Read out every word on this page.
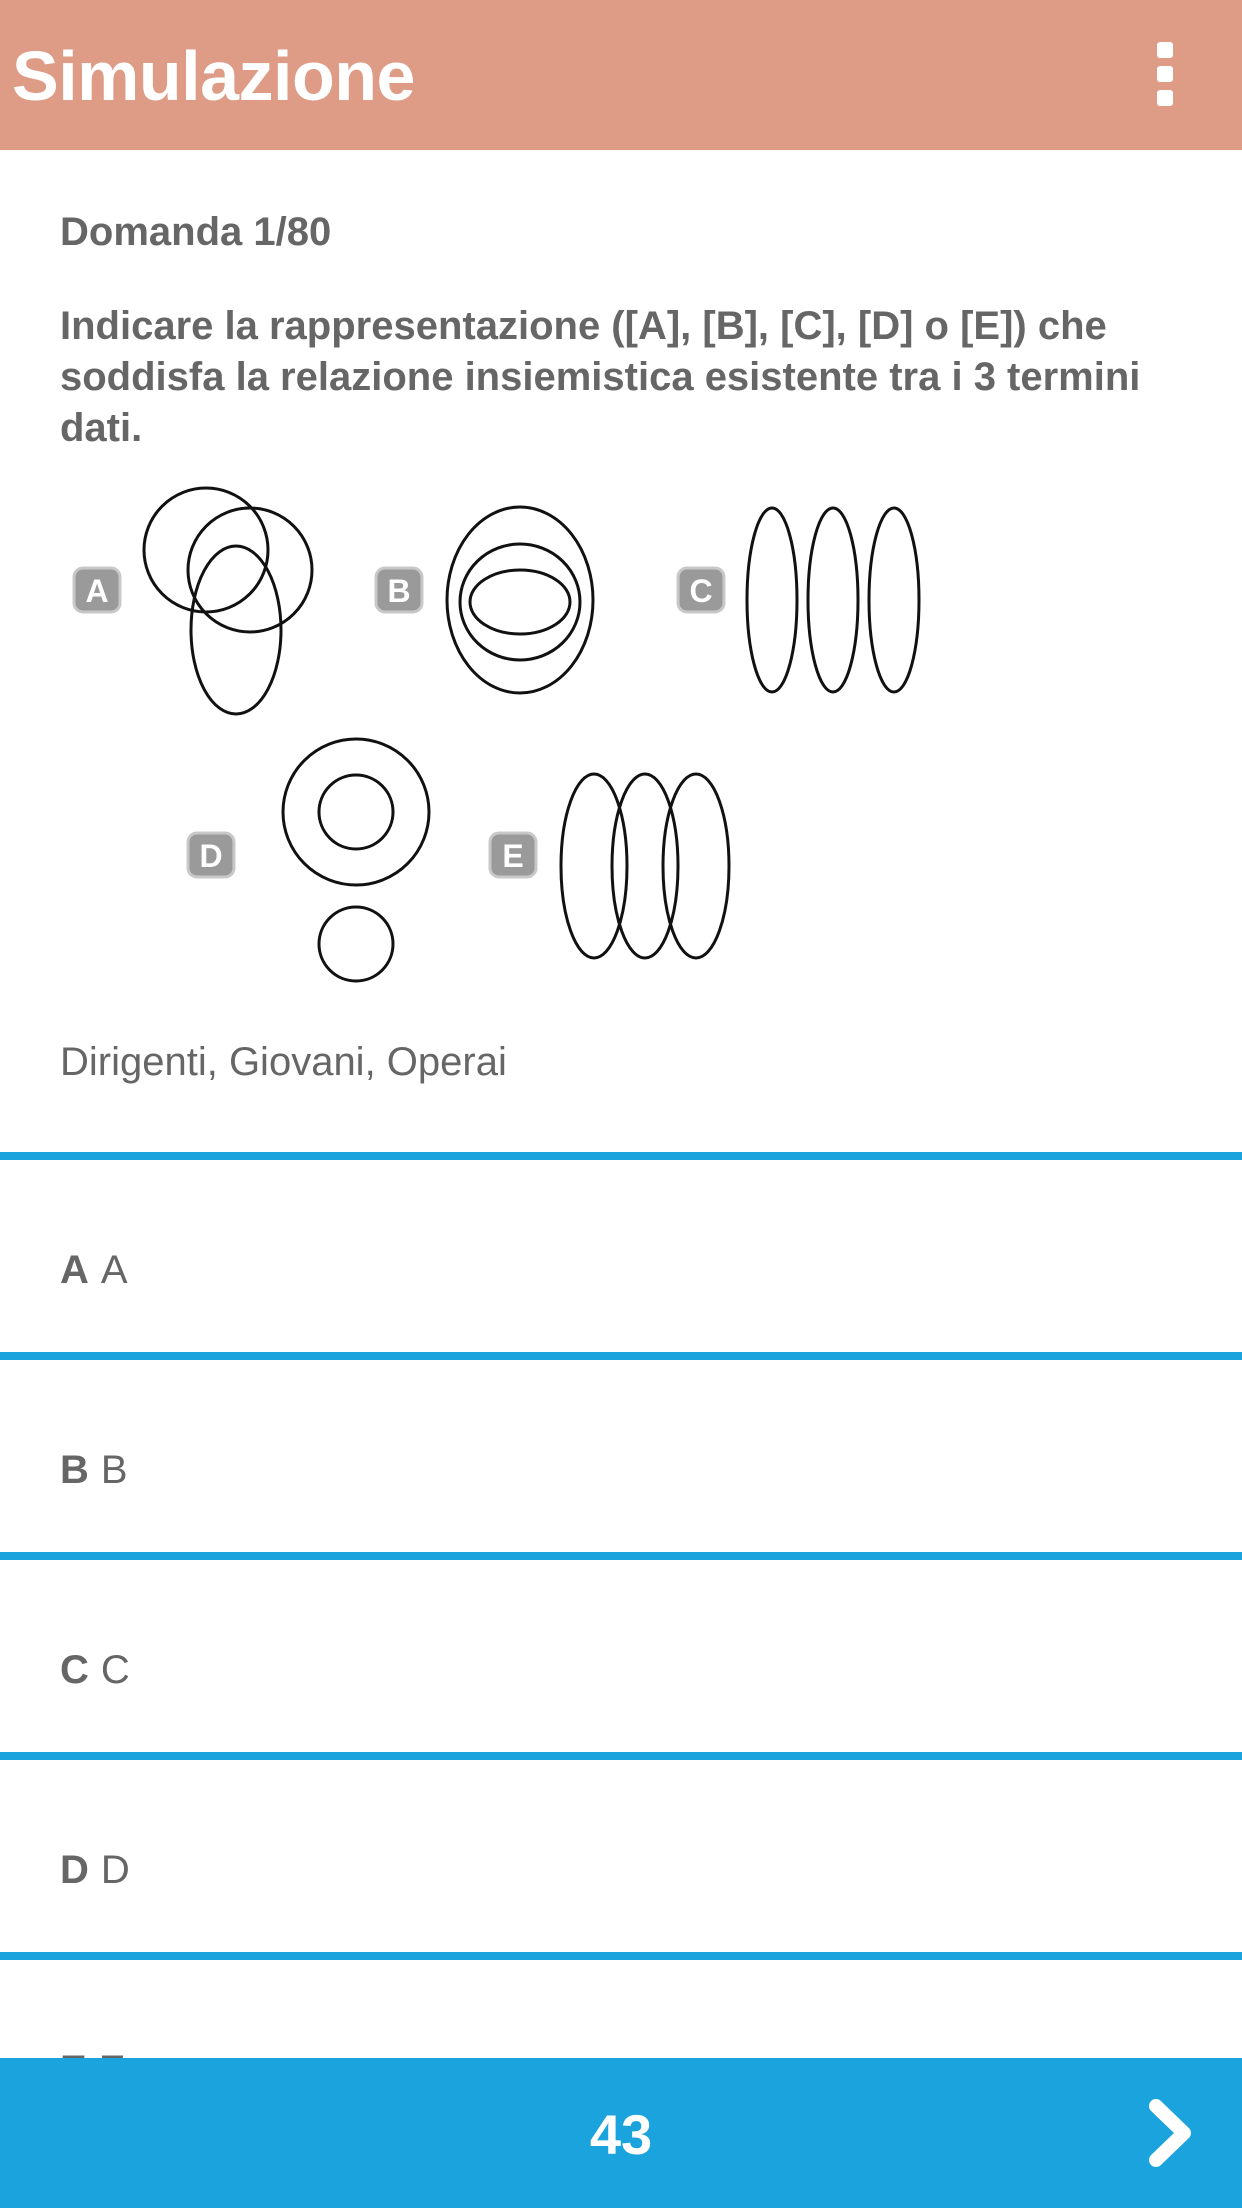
Simulazione
Domanda 1/80
Indicare la rappresentazione ([A], [B], [C], [D] o [E]) che soddisfa la relazione insiemistica esistente tra i 3 termini dati.
A	B	C
D	E
Dirigenti, Giovani, Operai
A A
B B
C C
D D
43
